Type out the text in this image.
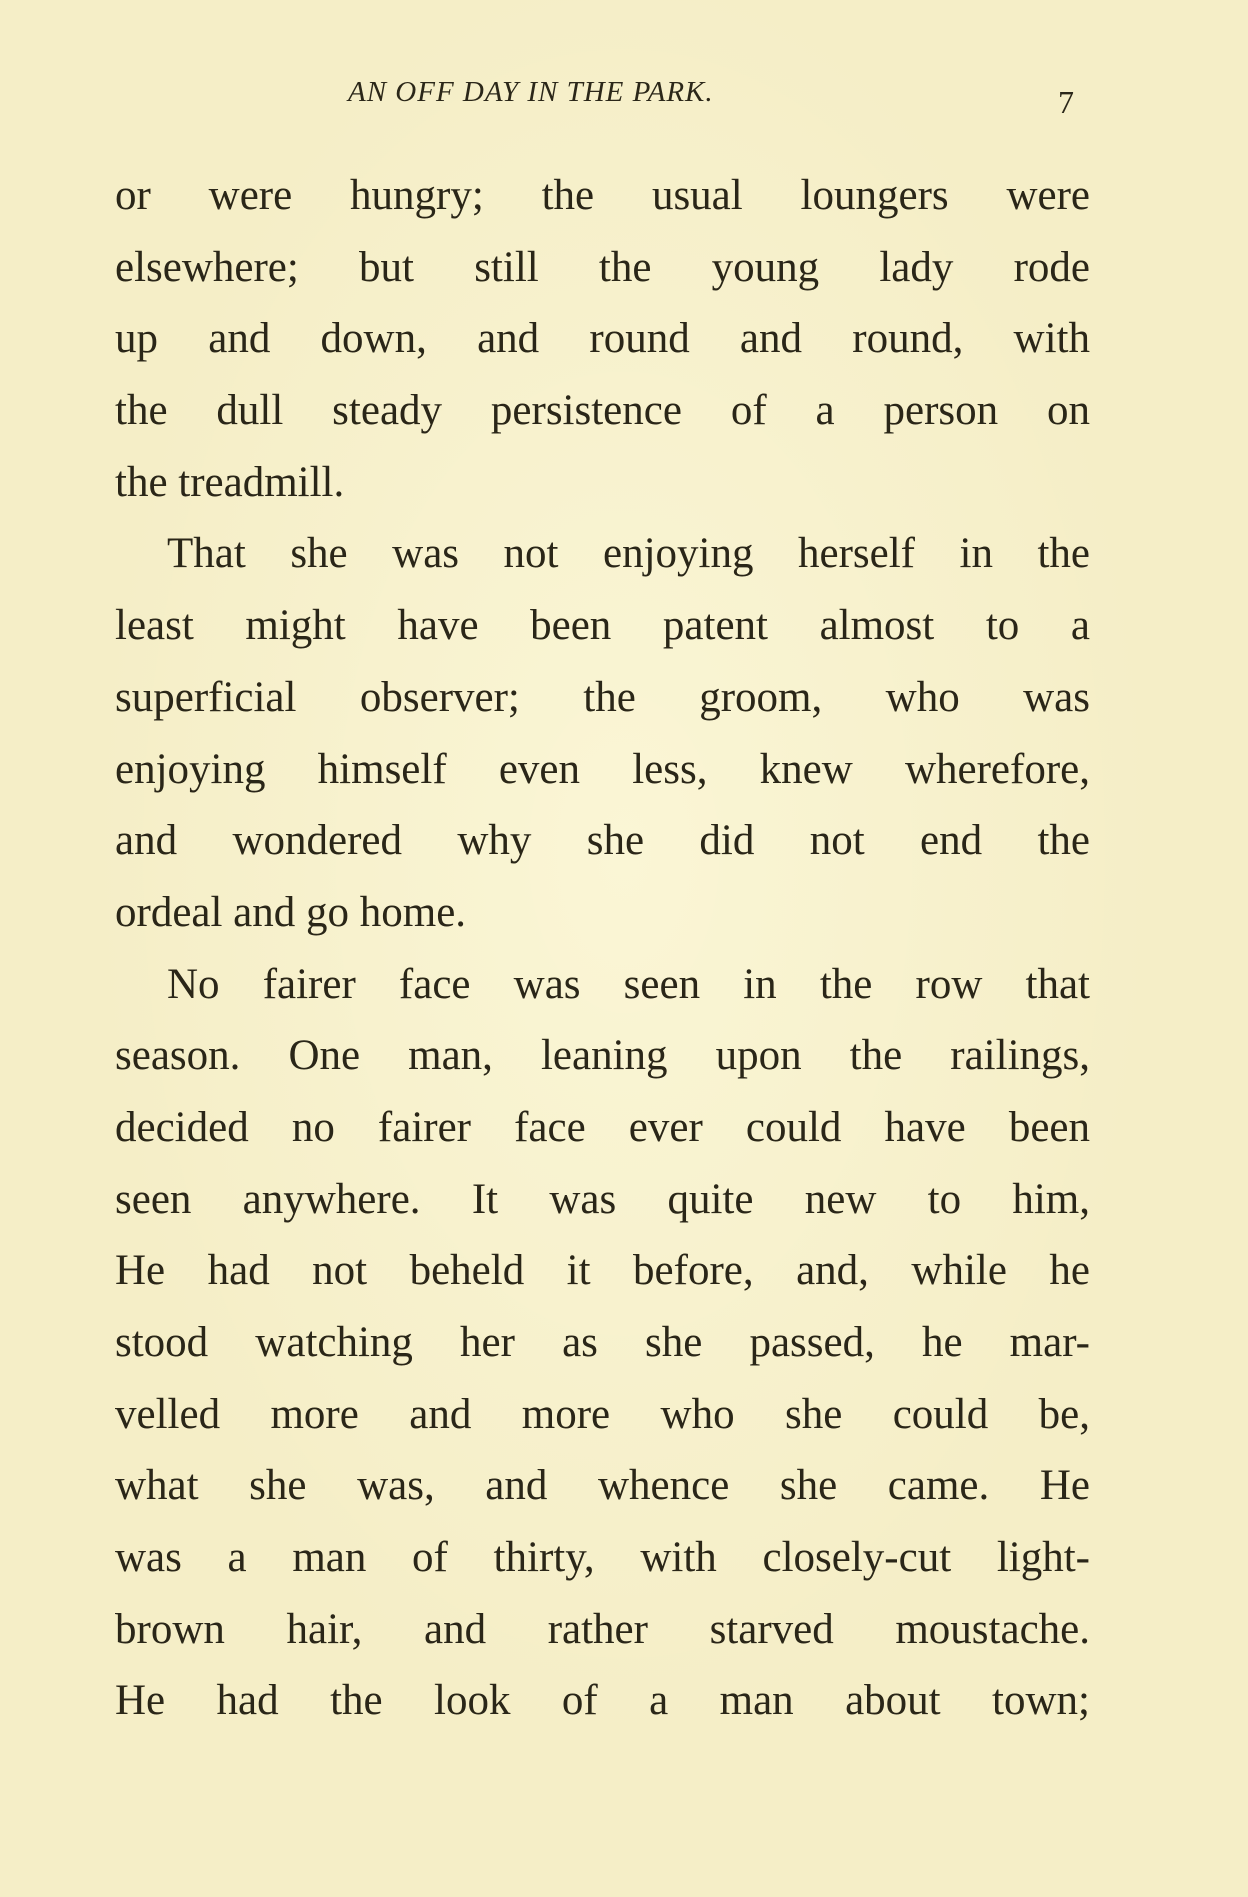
AN OFF DAY IN THE PARK.	7
or were hungry; the usual loungers were
elsewhere; but still the young lady rode
up and down, and round and round, with
the dull steady persistence of a person on
the treadmill.
That she was not enjoying herself in the
least might have been patent almost to a
superficial observer; the groom, who was
enjoying himself even less, knew wherefore,
and wondered why she did not end the
ordeal and go home.
No fairer face was seen in the row that
season. One man, leaning upon the railings,
decided no fairer face ever could have been
seen anywhere. It was quite new to him,
He had not beheld it before, and, while he
stood watching her as she passed, he mar-
velled more and more who she could be,
what she was, and whence she came. He
was a man of thirty, with closely-cut light-
brown hair, and rather starved moustache.
He had the look of a man about town;
